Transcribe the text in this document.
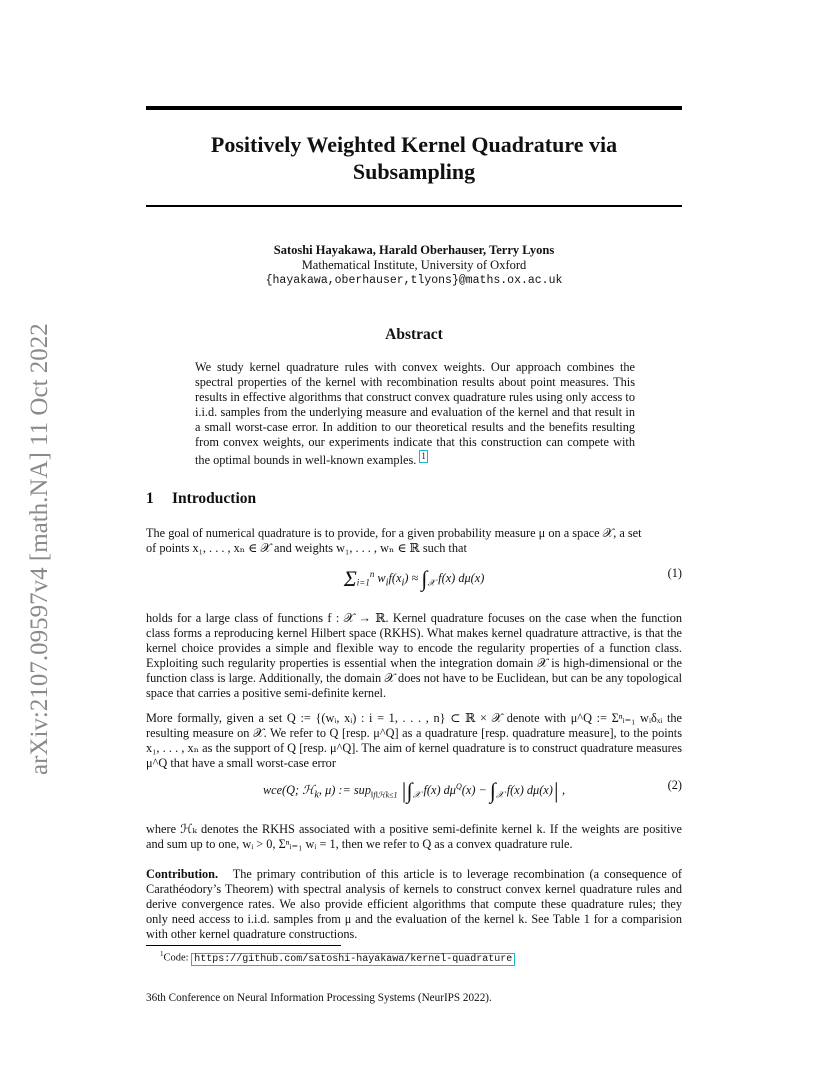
arXiv:2107.09597v4 [math.NA] 11 Oct 2022
Positively Weighted Kernel Quadrature via
Subsampling
Satoshi Hayakawa, Harald Oberhauser, Terry Lyons
Mathematical Institute, University of Oxford
{hayakawa,oberhauser,tlyons}@maths.ox.ac.uk
Abstract
We study kernel quadrature rules with convex weights. Our approach combines the spectral properties of the kernel with recombination results about point measures. This results in effective algorithms that construct convex quadrature rules using only access to i.i.d. samples from the underlying measure and evaluation of the kernel and that result in a small worst-case error. In addition to our theoretical results and the benefits resulting from convex weights, our experiments indicate that this construction can compete with the optimal bounds in well-known examples. 1
1 Introduction
The goal of numerical quadrature is to provide, for a given probability measure μ on a space 𝒳, a set
of points x₁, . . . , xₙ ∈ 𝒳 and weights w₁, . . . , wₙ ∈ ℝ such that
$\Sigma_{i=1}^n$ $w_if(x_i) \approx \int_𝒳$ f(x) dμ(x)	(1)
holds for a large class of functions f : 𝒳 → ℝ. Kernel quadrature focuses on the case when the function class forms a reproducing kernel Hilbert space (RKHS). What makes kernel quadrature attractive, is that the kernel choice provides a simple and flexible way to encode the regularity properties of a function class. Exploiting such regularity properties is essential when the integration domain 𝒳 is high-dimensional or the function class is large. Additionally, the domain 𝒳 does not have to be Euclidean, but can be any topological space that carries a positive semi-definite kernel.
More formally, given a set Q := {(wᵢ, xᵢ) : i = 1, . . . , n} ⊂ ℝ × 𝒳 denote with μ^Q := Σⁿᵢ₌₁ wᵢδₓᵢ the resulting measure on 𝒳. We refer to Q [resp. μ^Q] as a quadrature [resp. quadrature measure], to the points x₁, . . . , xₙ as the support of Q [resp. μ^Q]. The aim of kernel quadrature is to construct quadrature measures μ^Q that have a small worst-case error
wce(Q; ℋ$_k$, μ) := sup$_{‖f‖ℋk\le 1}$ $|\int_𝒳$ f(x) $d\mu^Q(x) - \int_𝒳$ f(x) dμ(x)| ,	(2)
where ℋₖ denotes the RKHS associated with a positive semi-definite kernel k. If the weights are positive and sum up to one, wᵢ > 0, Σⁿᵢ₌₁ wᵢ = 1, then we refer to Q as a convex quadrature rule.
Contribution. The primary contribution of this article is to leverage recombination (a consequence of Carathéodory’s Theorem) with spectral analysis of kernels to construct convex kernel quadrature rules and derive convergence rates. We also provide efficient algorithms that compute these quadrature rules; they only need access to i.i.d. samples from μ and the evaluation of the kernel k. See Table 1 for a comparision with other kernel quadrature constructions.
$^1$Code: https://github.com/satoshi-hayakawa/kernel-quadrature
36th Conference on Neural Information Processing Systems (NeurIPS 2022).
